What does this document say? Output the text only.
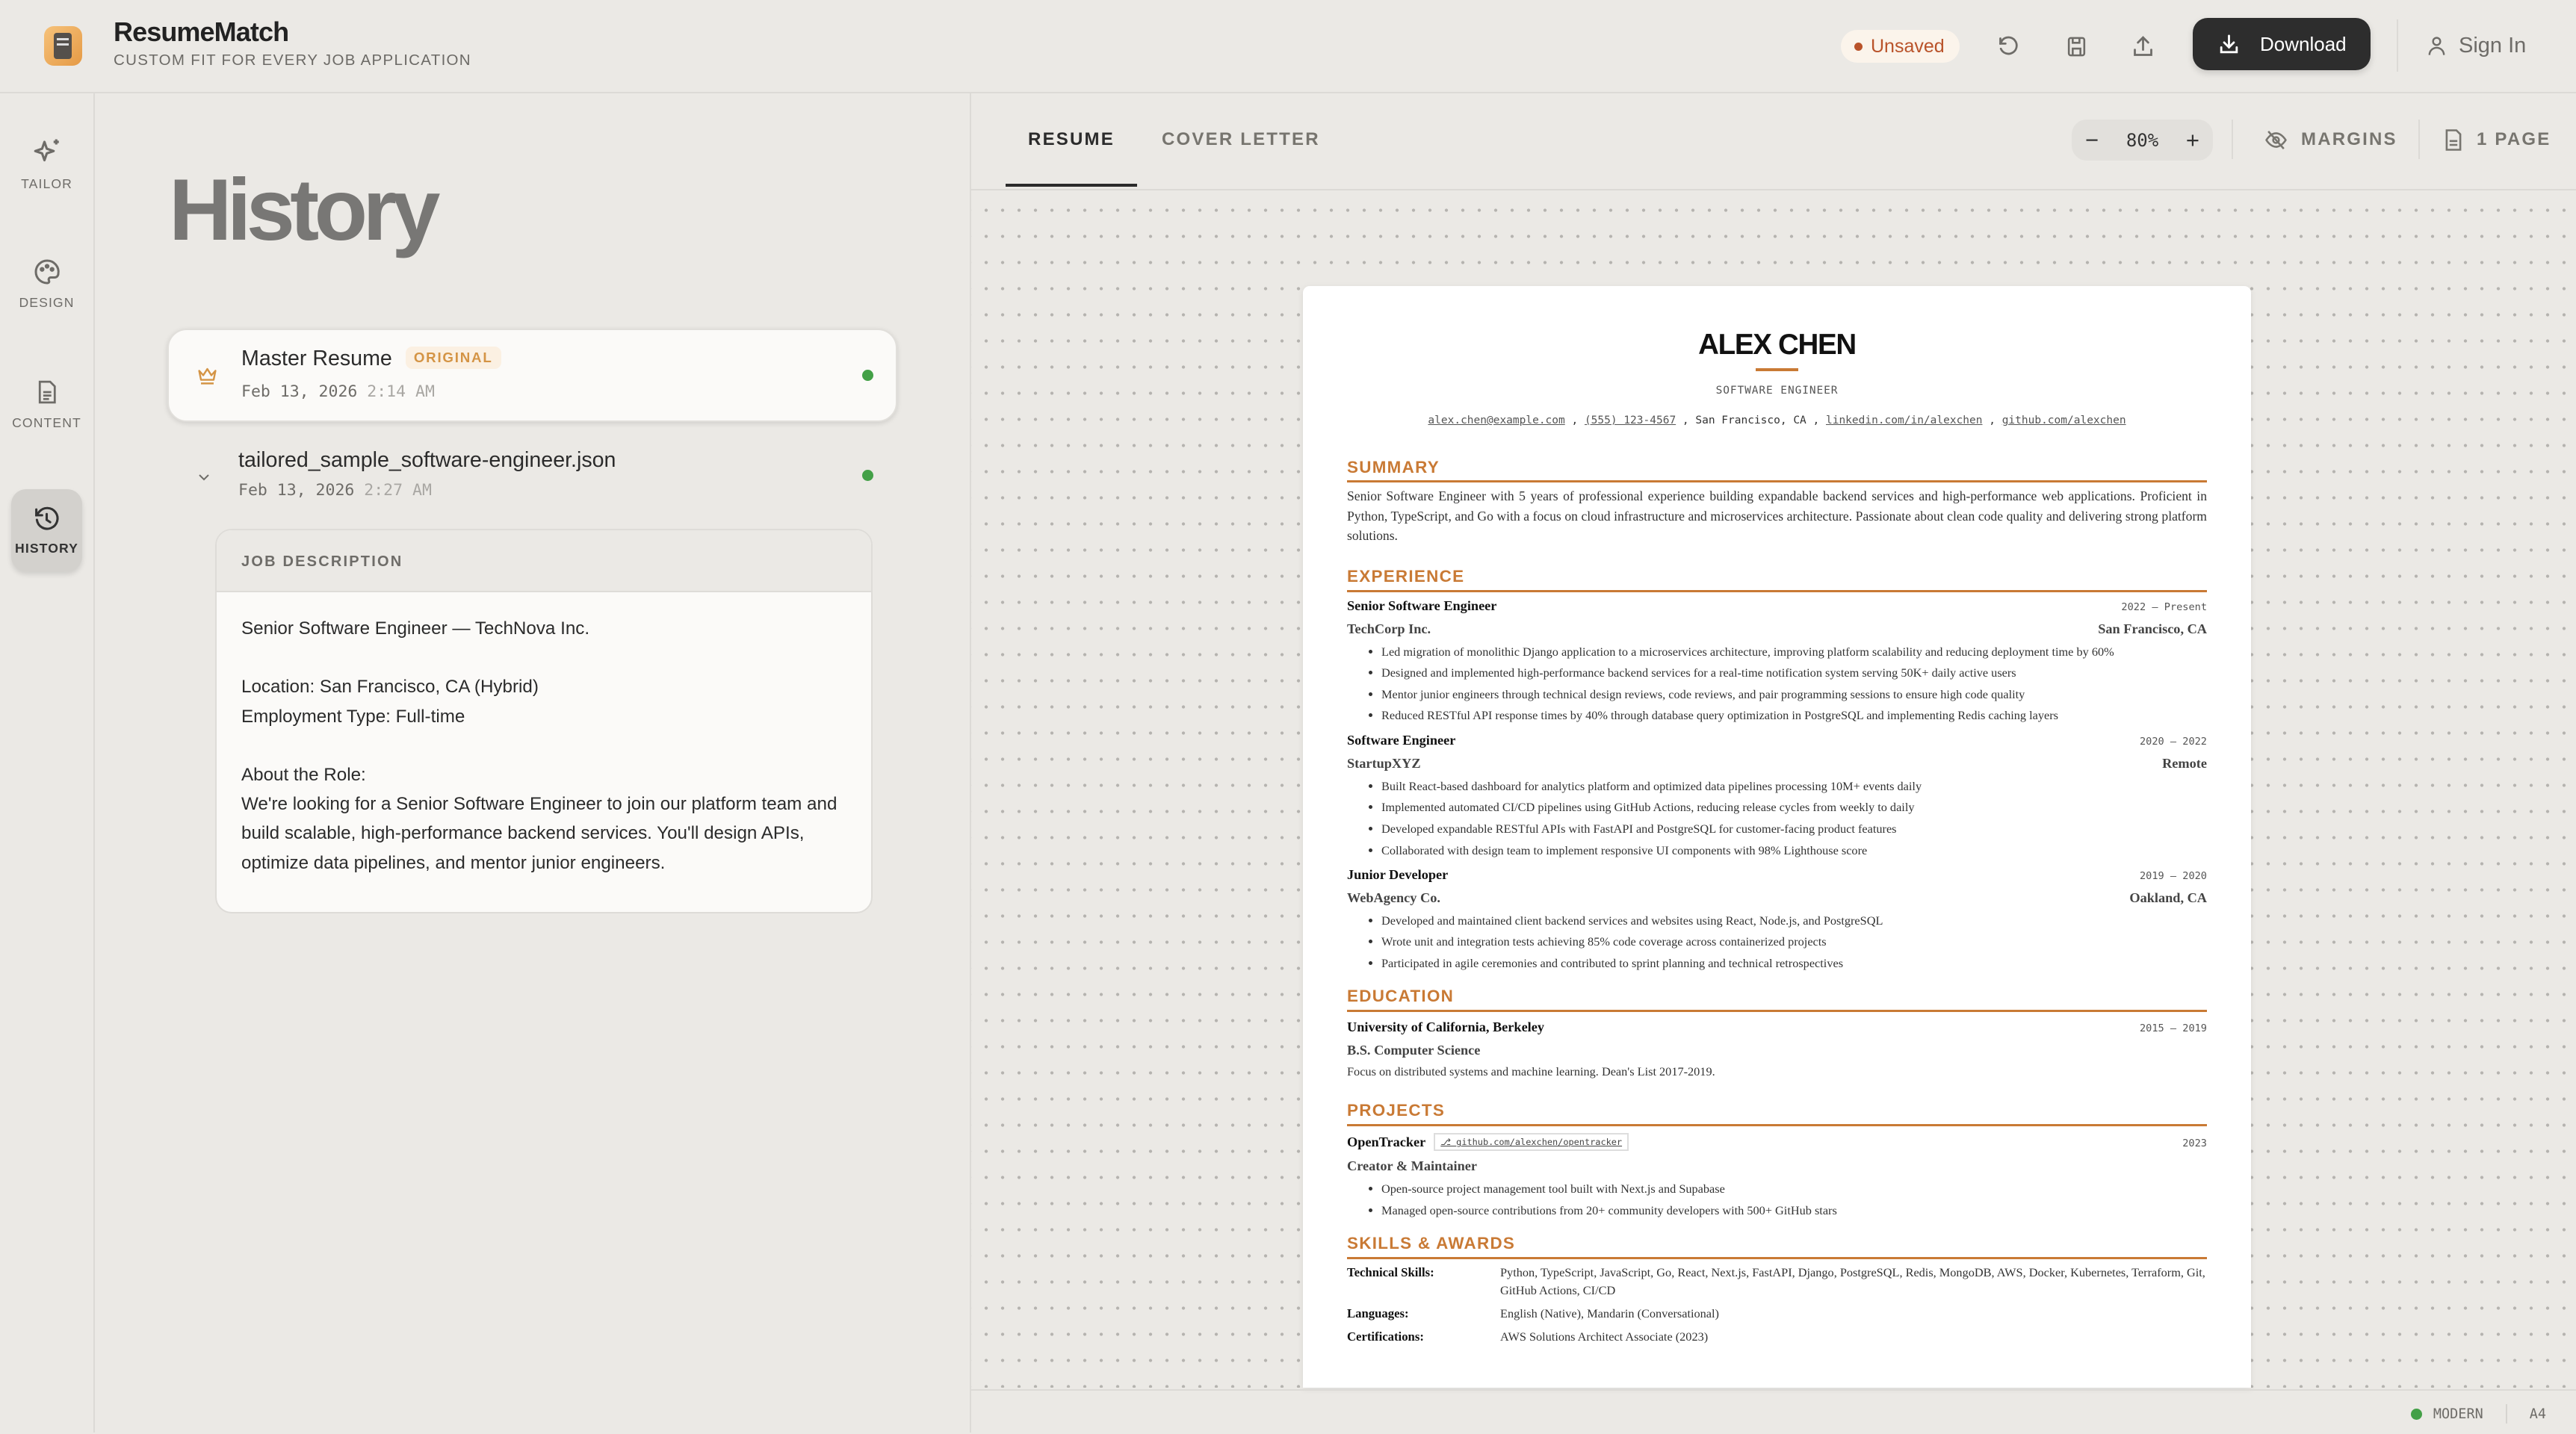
ResumeMatch
CUSTOM FIT FOR EVERY JOB APPLICATION
Unsaved	Download	Sign In
TAILOR
DESIGN
CONTENT
HISTORY
History
Master Resume ORIGINAL
Feb 13, 2026 2:14 AM
tailored_sample_software-engineer.json
Feb 13, 2026 2:27 AM
JOB DESCRIPTION

Senior Software Engineer — TechNova Inc.

Location: San Francisco, CA (Hybrid)

Employment Type: Full-time

About the Role:

We're looking for a Senior Software Engineer to join our platform team and build scalable, high-performance backend services. You'll design APIs, optimize data pipelines, and mentor junior engineers.

RESUME	COVER LETTER	− 80% +	MARGINS	1 PAGE
ALEX CHEN
SOFTWARE ENGINEER
alex.chen@example.com , (555) 123-4567 , San Francisco, CA , linkedin.com/in/alexchen , github.com/alexchen
SUMMARY
Senior Software Engineer with 5 years of professional experience building expandable backend services and high-performance web applications. Proficient in Python, TypeScript, and Go with a focus on cloud infrastructure and microservices architecture. Passionate about clean code quality and delivering strong platform solutions.
EXPERIENCE
Senior Software Engineer	2022 – Present
TechCorp Inc.	San Francisco, CA
• Led migration of monolithic Django application to a microservices architecture, improving platform scalability and reducing deployment time by 60%
• Designed and implemented high-performance backend services for a real-time notification system serving 50K+ daily active users
• Mentor junior engineers through technical design reviews, code reviews, and pair programming sessions to ensure high code quality
• Reduced RESTful API response times by 40% through database query optimization in PostgreSQL and implementing Redis caching layers
Software Engineer	2020 – 2022
StartupXYZ	Remote
• Built React-based dashboard for analytics platform and optimized data pipelines processing 10M+ events daily
• Implemented automated CI/CD pipelines using GitHub Actions, reducing release cycles from weekly to daily
• Developed expandable RESTful APIs with FastAPI and PostgreSQL for customer-facing product features
• Collaborated with design team to implement responsive UI components with 98% Lighthouse score
Junior Developer	2019 – 2020
WebAgency Co.	Oakland, CA
• Developed and maintained client backend services and websites using React, Node.js, and PostgreSQL
• Wrote unit and integration tests achieving 85% code coverage across containerized projects
• Participated in agile ceremonies and contributed to sprint planning and technical retrospectives
EDUCATION
University of California, Berkeley	2015 – 2019
B.S. Computer Science
Focus on distributed systems and machine learning. Dean's List 2017-2019.
PROJECTS
OpenTracker ⎇ github.com/alexchen/opentracker	2023
Creator & Maintainer
• Open-source project management tool built with Next.js and Supabase
• Managed open-source contributions from 20+ community developers with 500+ GitHub stars
SKILLS & AWARDS
Technical Skills:	Python, TypeScript, JavaScript, Go, React, Next.js, FastAPI, Django, PostgreSQL, Redis, MongoDB, AWS, Docker, Kubernetes, Terraform, Git, GitHub Actions, CI/CD
Languages:	English (Native), Mandarin (Conversational)
Certifications:	AWS Solutions Architect Associate (2023)
MODERN	A4
